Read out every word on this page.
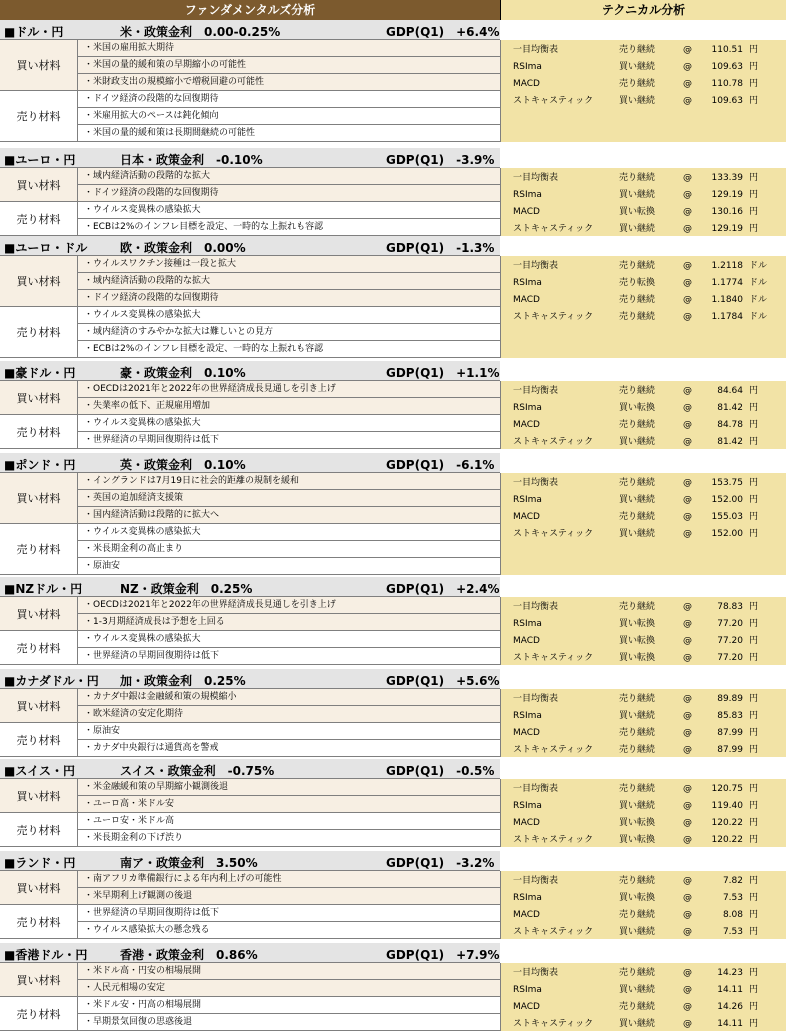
ファンダメンタルズ分析	テクニカル分析
■ドル・円	米・政策金利　0.00-0.25%	GDP(Q1)　+6.4%
買い材料
・米国の雇用拡大期待
・米国の量的緩和策の早期縮小の可能性
・米財政支出の規模縮小で増税回避の可能性
売り材料
・ドイツ経済の段階的な回復期待
・米雇用拡大のペースは鈍化傾向
・米国の量的緩和策は長期間継続の可能性
一目均衡表	売り継続	@	110.51 円
RSIma	買い継続	@	109.63 円
MACD	売り継続	@	110.78 円
ストキャスティック	買い継続	@	109.63 円
■ユーロ・円	日本・政策金利　-0.10%	GDP(Q1)　-3.9%
買い材料
・域内経済活動の段階的な拡大
・ドイツ経済の段階的な回復期待
売り材料
・ウイルス変異株の感染拡大
・ECBは2%のインフレ目標を設定、一時的な上振れも容認
一目均衡表	売り継続	@	133.39 円
RSIma	買い継続	@	129.19 円
MACD	買い転換	@	130.16 円
ストキャスティック	買い継続	@	129.19 円
■ユーロ・ドル	欧・政策金利　0.00%	GDP(Q1)　-1.3%
買い材料
・ウイルスワクチン接種は一段と拡大
・域内経済活動の段階的な拡大
・ドイツ経済の段階的な回復期待
売り材料
・ウイルス変異株の感染拡大
・域内経済のすみやかな拡大は難しいとの見方
・ECBは2%のインフレ目標を設定、一時的な上振れも容認
一目均衡表	売り継続	@	1.2118 ドル
RSIma	売り転換	@	1.1774 ドル
MACD	売り継続	@	1.1840 ドル
ストキャスティック	売り継続	@	1.1784 ドル
■豪ドル・円	豪・政策金利　0.10%	GDP(Q1)　+1.1%
買い材料
・OECDは2021年と2022年の世界経済成長見通しを引き上げ
・失業率の低下、正規雇用増加
売り材料
・ウイルス変異株の感染拡大
・世界経済の早期回復期待は低下
一目均衡表	売り継続	@	84.64 円
RSIma	買い転換	@	81.42 円
MACD	売り継続	@	84.78 円
ストキャスティック	買い継続	@	81.42 円
■ポンド・円	英・政策金利　0.10%	GDP(Q1)　-6.1%
買い材料
・イングランドは7月19日に社会的距離の規制を緩和
・英国の追加経済支援策
・国内経済活動は段階的に拡大へ
売り材料
・ウイルス変異株の感染拡大
・米長期金利の高止まり
・原油安
一目均衡表	売り継続	@	153.75 円
RSIma	買い継続	@	152.00 円
MACD	売り継続	@	155.03 円
ストキャスティック	買い継続	@	152.00 円
■NZドル・円	NZ・政策金利　0.25%	GDP(Q1)　+2.4%
買い材料
・OECDは2021年と2022年の世界経済成長見通しを引き上げ
・1-3月期経済成長は予想を上回る
売り材料
・ウイルス変異株の感染拡大
・世界経済の早期回復期待は低下
一目均衡表	売り継続	@	78.83 円
RSIma	買い転換	@	77.20 円
MACD	買い転換	@	77.20 円
ストキャスティック	買い転換	@	77.20 円
■カナダドル・円 加・政策金利　0.25%	GDP(Q1)　+5.6%
買い材料
・カナダ中銀は金融緩和策の規模縮小
・欧米経済の安定化期待
売り材料
・原油安
・カナダ中央銀行は通貨高を警戒
一目均衡表	売り継続	@	89.89 円
RSIma	買い継続	@	85.83 円
MACD	売り継続	@	87.99 円
ストキャスティック	売り継続	@	87.99 円
■スイス・円	スイス・政策金利　-0.75%	GDP(Q1)　-0.5%
買い材料
・米金融緩和策の早期縮小観測後退
・ユーロ高・米ドル安
売り材料
・ユーロ安・米ドル高
・米長期金利の下げ渋り
一目均衡表	売り継続	@	120.75 円
RSIma	買い継続	@	119.40 円
MACD	買い転換	@	120.22 円
ストキャスティック	買い転換	@	120.22 円
■ランド・円	南ア・政策金利　3.50%	GDP(Q1)　-3.2%
買い材料
・南アフリカ準備銀行による年内利上げの可能性
・米早期利上げ観測の後退
売り材料
・世界経済の早期回復期待は低下
・ウイルス感染拡大の懸念残る
一目均衡表	売り継続	@	7.82 円
RSIma	買い転換	@	7.53 円
MACD	売り継続	@	8.08 円
ストキャスティック	買い継続	@	7.53 円
■香港ドル・円	香港・政策金利　0.86%	GDP(Q1)　+7.9%
買い材料
・米ドル高・円安の相場展開
・人民元相場の安定
売り材料
・米ドル安・円高の相場展開
・早期景気回復の思惑後退
一目均衡表	売り継続	@	14.23 円
RSIma	買い継続	@	14.11 円
MACD	売り継続	@	14.26 円
ストキャスティック	買い継続	@	14.11 円
